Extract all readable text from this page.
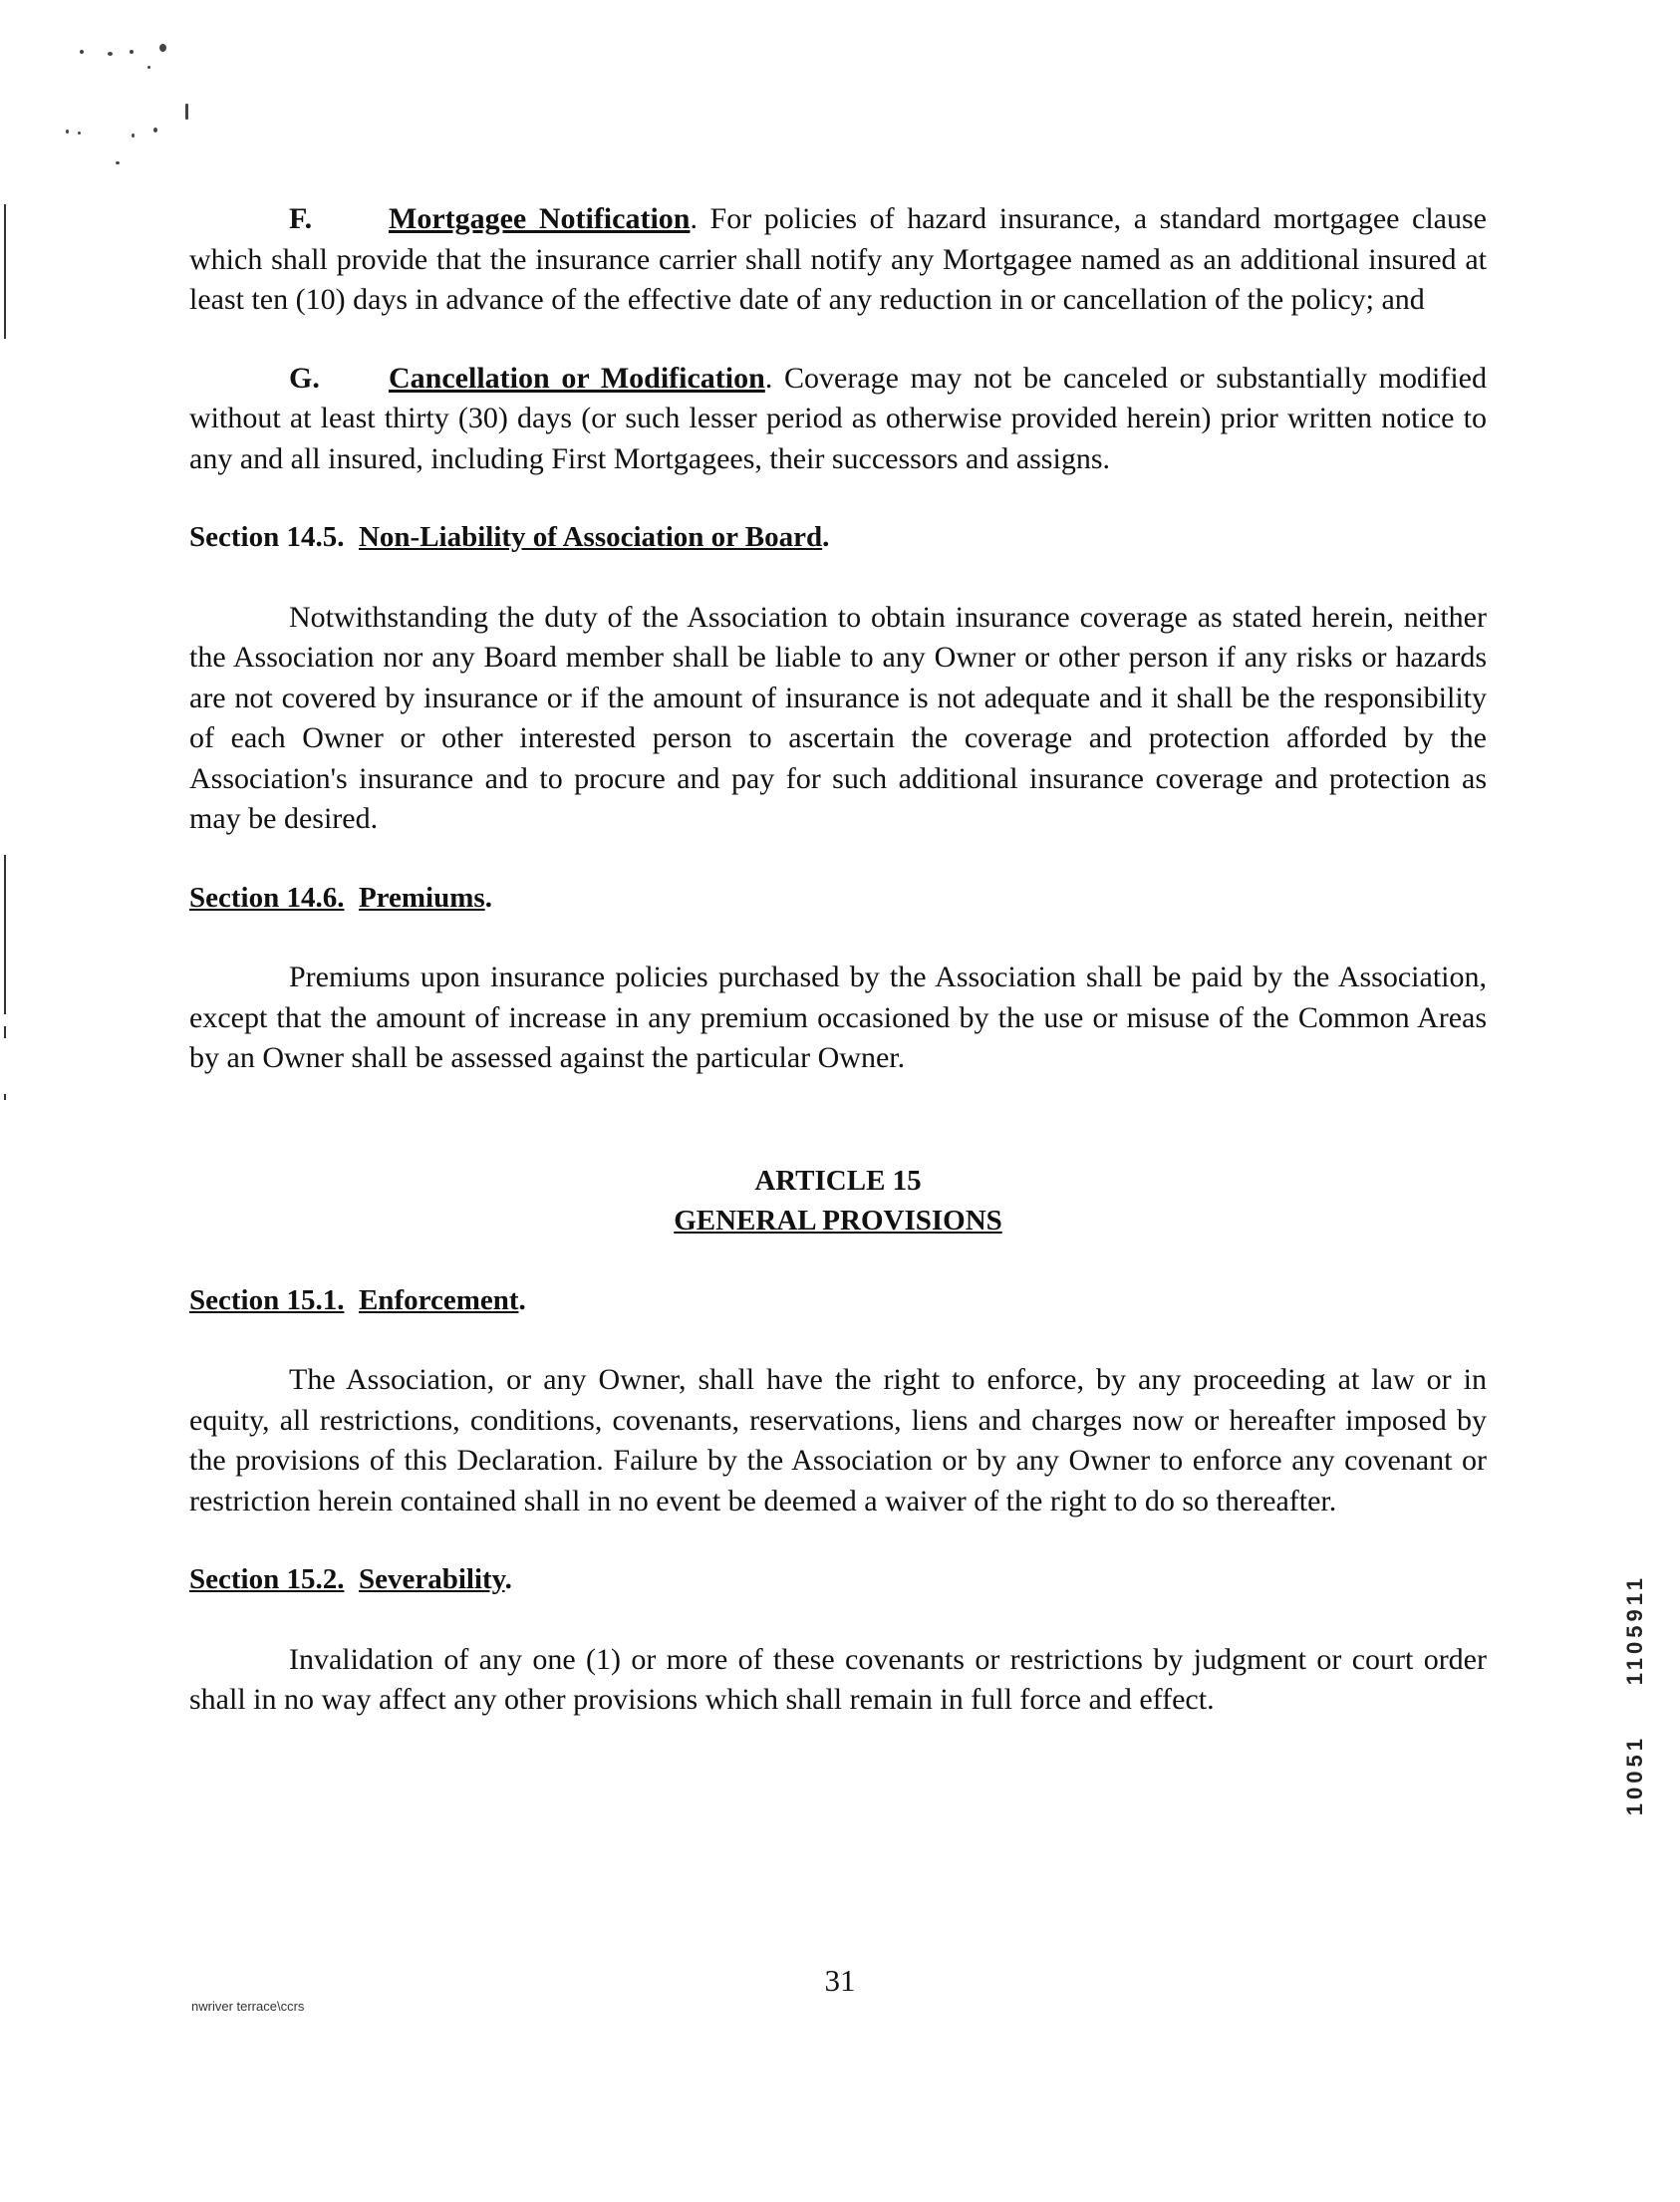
F.	Mortgagee Notification. For policies of hazard insurance, a standard mortgagee clause which shall provide that the insurance carrier shall notify any Mortgagee named as an additional insured at least ten (10) days in advance of the effective date of any reduction in or cancellation of the policy; and

G. Cancellation or Modification. Coverage may not be canceled or substantially modified without at least thirty (30) days (or such lesser period as otherwise provided herein) prior written notice to any and all insured, including First Mortgagees, their successors and assigns.

Section 14.5. Non-Liability of Association or Board.

Notwithstanding the duty of the Association to obtain insurance coverage as stated herein, neither the Association nor any Board member shall be liable to any Owner or other person if any risks or hazards are not covered by insurance or if the amount of insurance is not adequate and it shall be the responsibility of each Owner or other interested person to ascertain the coverage and protection afforded by the Association's insurance and to procure and pay for such additional insurance coverage and protection as may be desired.

Section 14.6. Premiums.

Premiums upon insurance policies purchased by the Association shall be paid by the Association, except that the amount of increase in any premium occasioned by the use or misuse of the Common Areas by an Owner shall be assessed against the particular Owner.

ARTICLE 15
GENERAL PROVISIONS

Section 15.1. Enforcement.

The Association, or any Owner, shall have the right to enforce, by any proceeding at law or in equity, all restrictions, conditions, covenants, reservations, liens and charges now or hereafter imposed by the provisions of this Declaration. Failure by the Association or by any Owner to enforce any covenant or restriction herein contained shall in no event be deemed a waiver of the right to do so thereafter.

Section 15.2. Severability.

Invalidation of any one (1) or more of these covenants or restrictions by judgment or court order shall in no way affect any other provisions which shall remain in full force and effect.

1105911
10051
31
nwriver terrace\ccrs
